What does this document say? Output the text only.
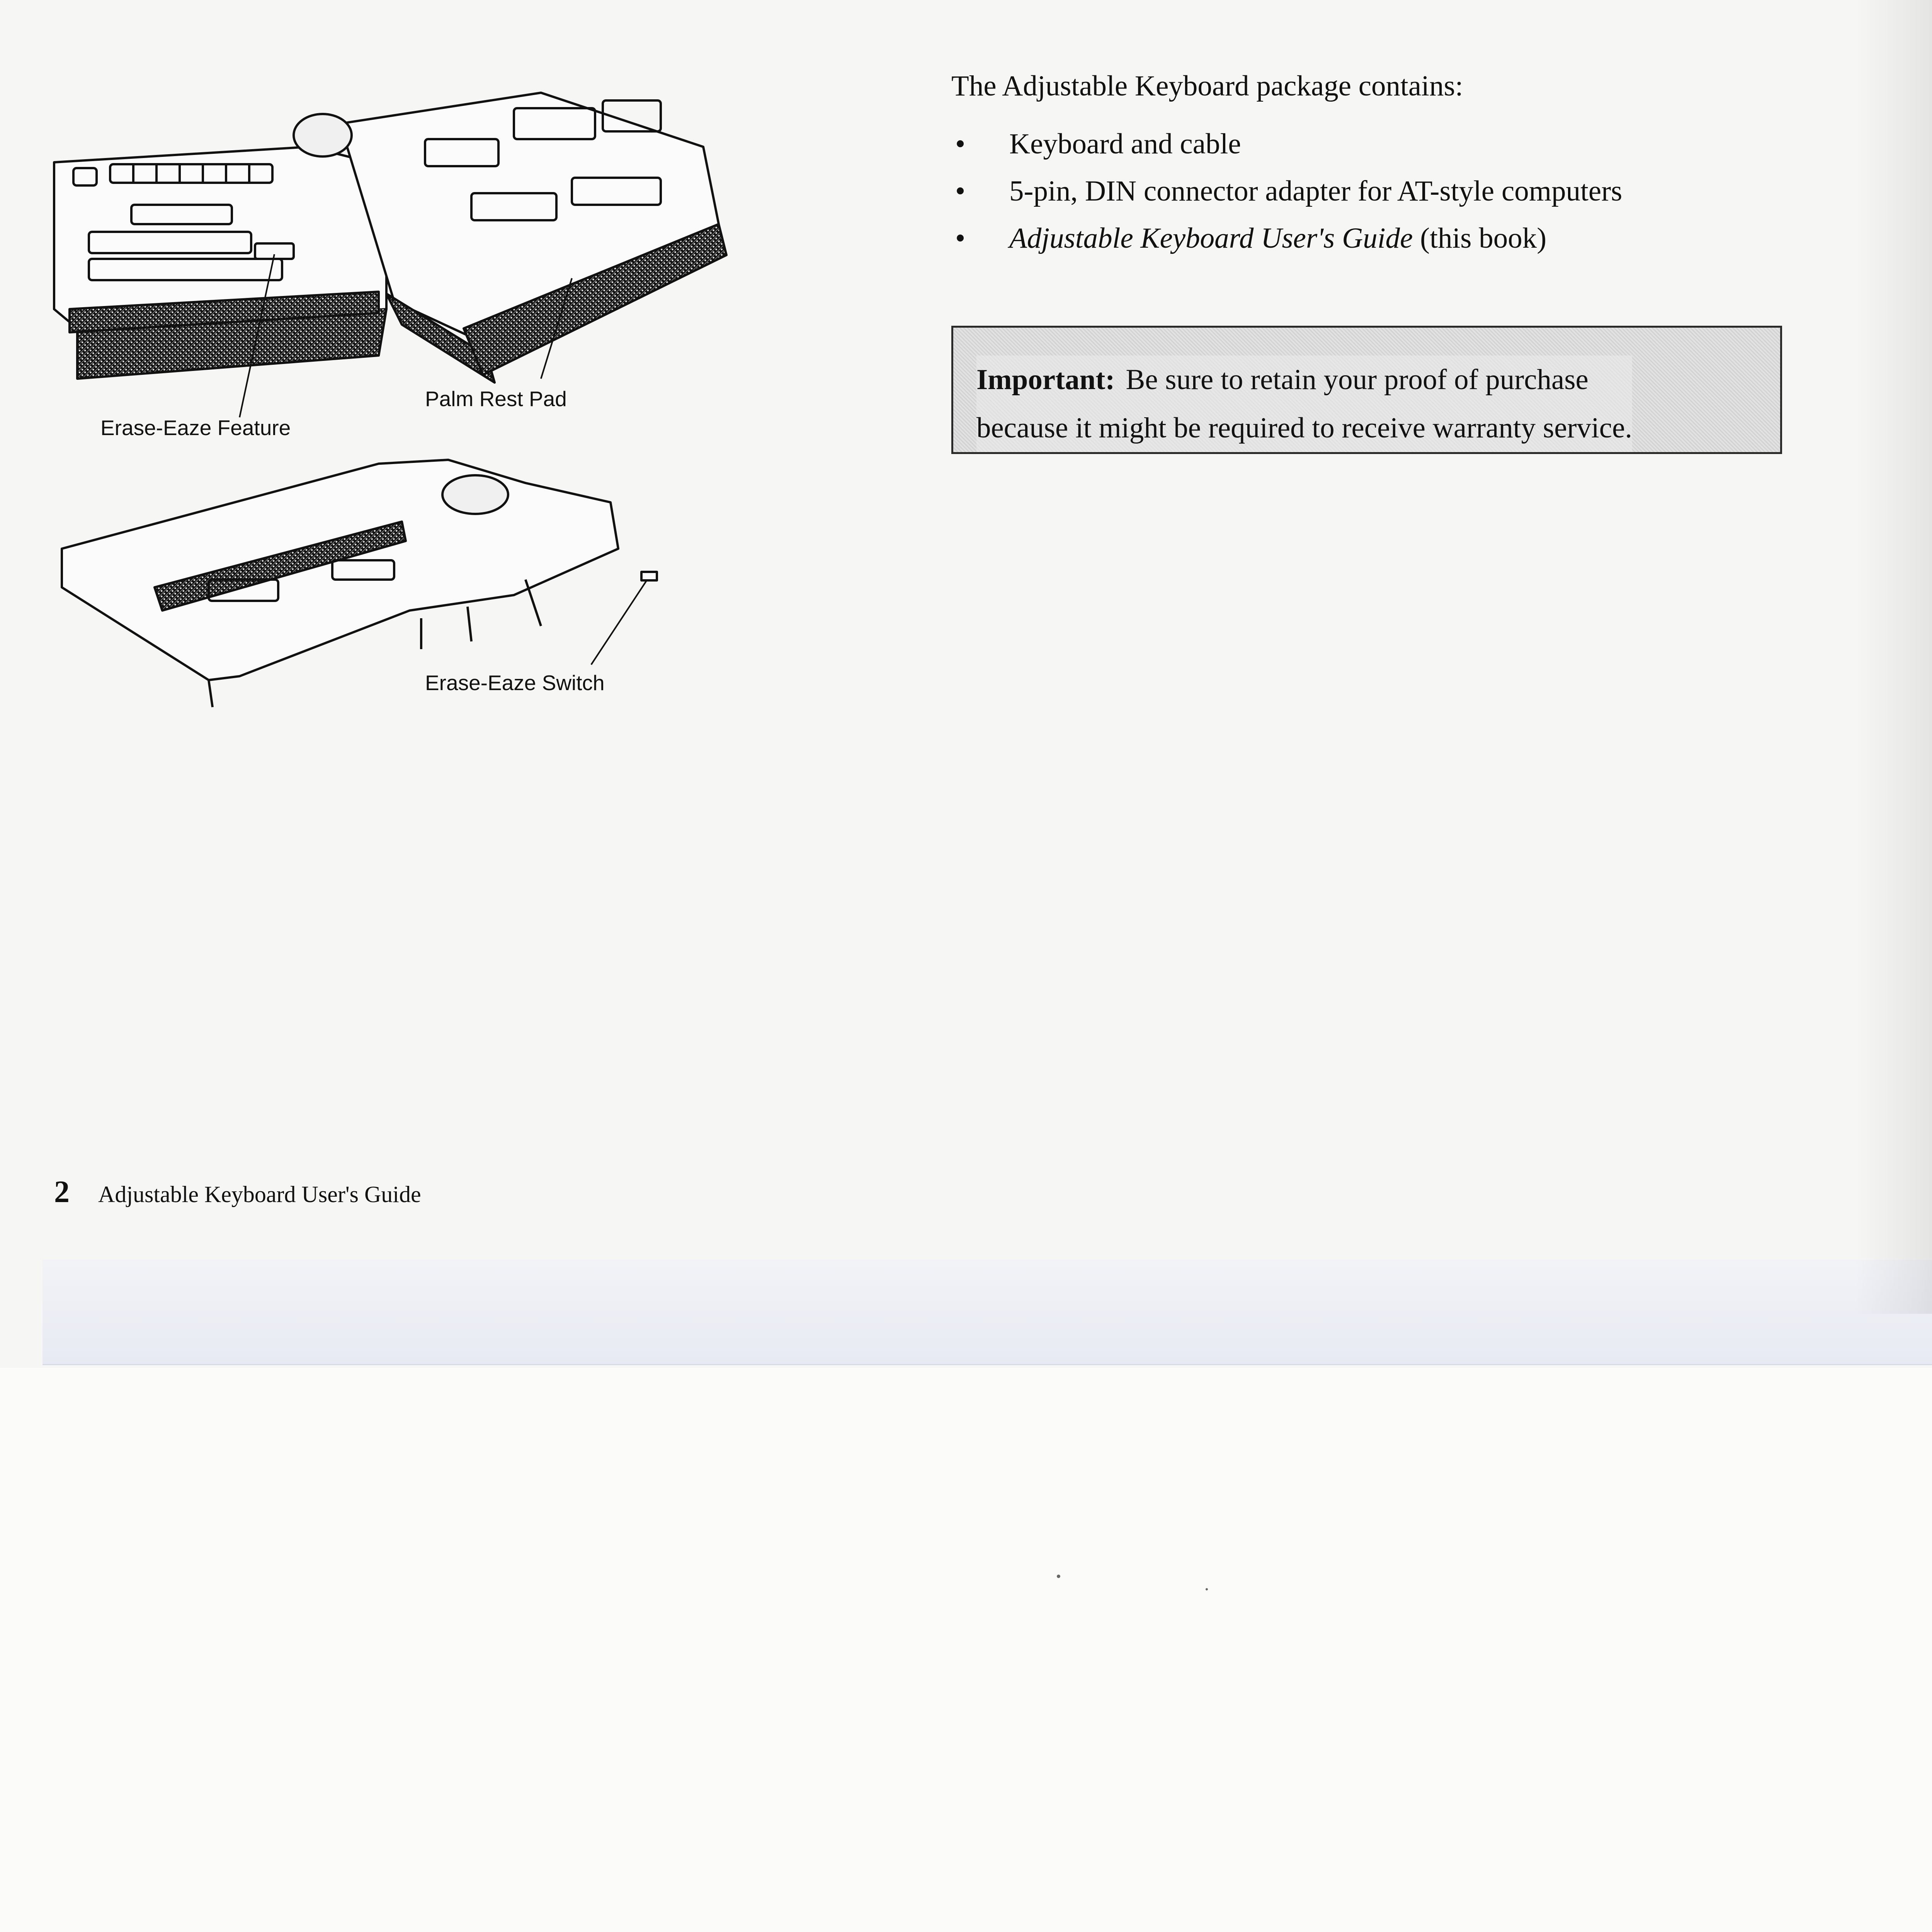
Erase-Eaze Feature
Palm Rest Pad
Erase-Eaze Switch
The Adjustable Keyboard package contains:
• Keyboard and cable
• 5-pin, DIN connector adapter for AT-style computers
• Adjustable Keyboard User's Guide (this book)
Important: Be sure to retain your proof of purchase
because it might be required to receive warranty service.
2 Adjustable Keyboard User's Guide
